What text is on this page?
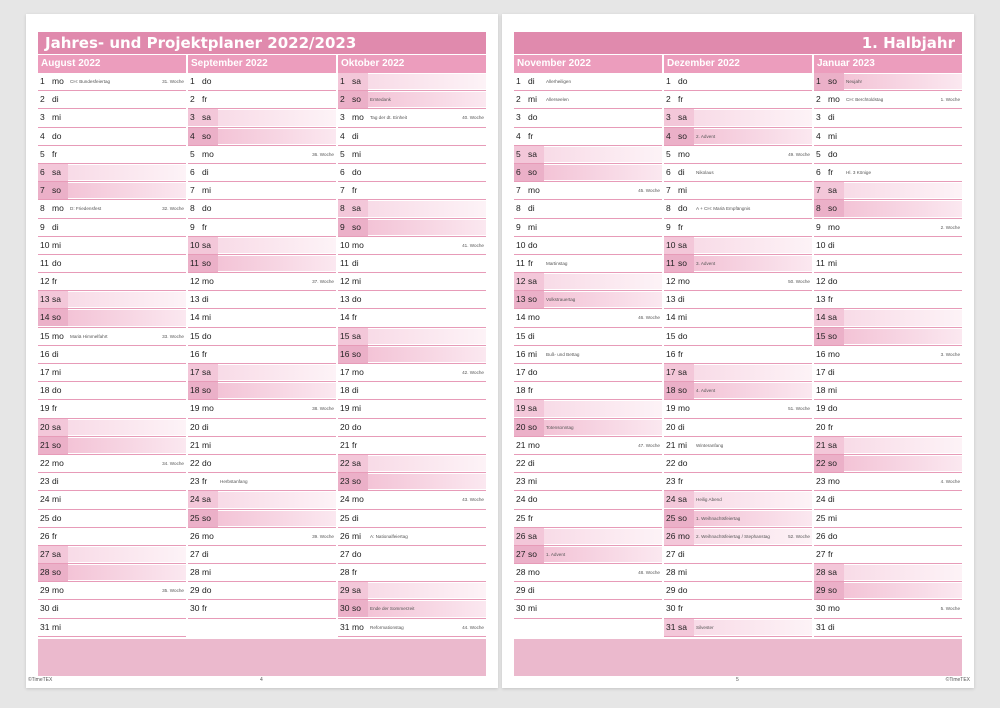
Jahres- und Projektplaner 2022/2023
August 2022
1 mo	CH: Bundesfeiertag	31. Woche
2 di
3 mi
4 do
5 fr
6 sa
7 so
8 mo	D: Friedensfest	32. Woche
9 di
10 mi
11 do
12 fr
13 sa
14 so
15 mo	Mariä Himmelfahrt	33. Woche
16 di
17 mi
18 do
19 fr
20 sa
21 so
22 mo	34. Woche
23 di
24 mi
25 do
26 fr
27 sa
28 so
29 mo	35. Woche
30 di
31 mi
September 2022
1 do
2 fr
3 sa
4 so
5 mo	36. Woche
6 di
7 mi
8 do
9 fr
10 sa
11 so
12 mo	37. Woche
13 di
14 mi
15 do
16 fr
17 sa
18 so
19 mo	38. Woche
20 di
21 mi
22 do
23 fr	Herbstanfang
24 sa
25 so
26 mo	39. Woche
27 di
28 mi
29 do
30 fr
Oktober 2022
1 sa
2 so	Erntedank
3 mo	Tag der dt. Einheit	40. Woche
4 di
5 mi
6 do
7 fr
8 sa
9 so
10 mo	41. Woche
11 di
12 mi
13 do
14 fr
15 sa
16 so
17 mo	42. Woche
18 di
19 mi
20 do
21 fr
22 sa
23 so
24 mo	43. Woche
25 di
26 mi	A: Nationalfeiertag
27 do
28 fr
29 sa
30 so	Ende der Sommerzeit
31 mo	Reformationstag	44. Woche
©TimeTEX	4
1. Halbjahr
November 2022
1 di	Allerheiligen
2 mi	Allerseelen
3 do
4 fr
5 sa
6 so
7 mo	45. Woche
8 di
9 mi
10 do
11 fr	Martinstag
12 sa
13 so	Volkstrauertag
14 mo	46. Woche
15 di
16 mi	Buß- und Bettag
17 do
18 fr
19 sa
20 so	Totensonntag
21 mo	47. Woche
22 di
23 mi
24 do
25 fr
26 sa
27 so	1. Advent
28 mo	48. Woche
29 di
30 mi
Dezember 2022
1 do
2 fr
3 sa
4 so	2. Advent
5 mo	49. Woche
6 di	Nikolaus
7 mi
8 do	A + CH: Mariä Empfängnis
9 fr
10 sa
11 so	3. Advent
12 mo	50. Woche
13 di
14 mi
15 do
16 fr
17 sa
18 so	4. Advent
19 mo	51. Woche
20 di
21 mi	Winteranfang
22 do
23 fr
24 sa	Heilig Abend
25 so	1. Weihnachtsfeiertag
26 mo	2. Weihnachtsfeiertag / Stephanstag	52. Woche
27 di
28 mi
29 do
30 fr
31 sa	Silvester
Januar 2023
1 so	Neujahr
2 mo	CH: Berchtoldstag	1. Woche
3 di
4 mi
5 do
6 fr	Hl. 3 Könige
7 sa
8 so
9 mo	2. Woche
10 di
11 mi
12 do
13 fr
14 sa
15 so
16 mo	3. Woche
17 di
18 mi
19 do
20 fr
21 sa
22 so
23 mo	4. Woche
24 di
25 mi
26 do
27 fr
28 sa
29 so
30 mo	5. Woche
31 di
5	©TimeTEX
